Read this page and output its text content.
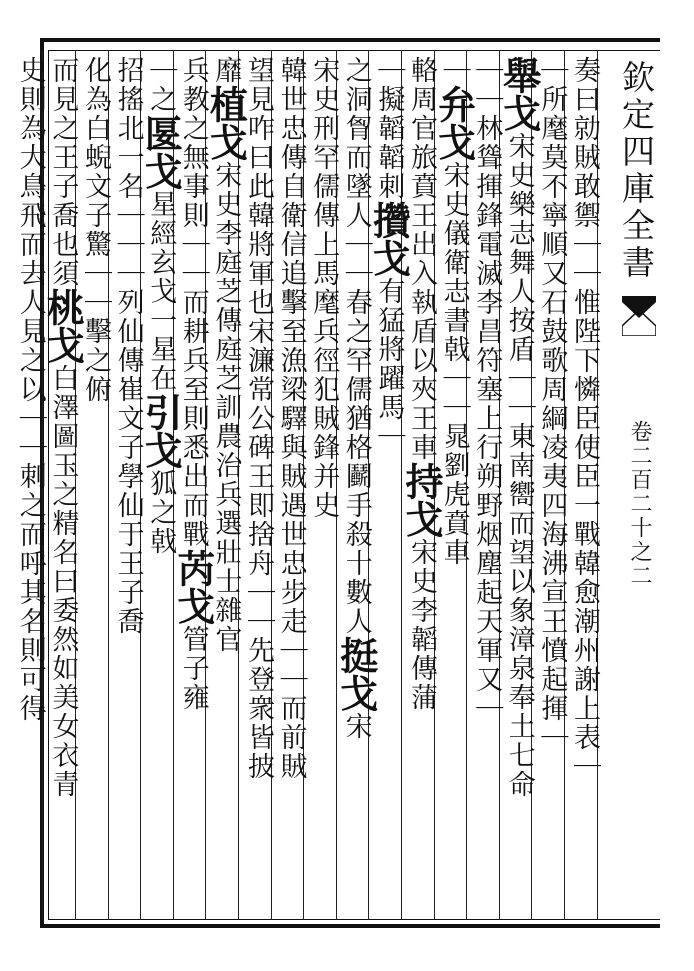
欽定四庫全書
卷二百二十之二
奏曰勍賊敢禦｜｜惟陛下憐臣使臣一戰韓愈潮州謝上表｜
｜所麾莫不寧順又石鼓歌周綱凌夷四海沸宣王憤起揮｜
舉戈宋史樂志舞人按盾｜｜東南嚮而望以象漳泉奉土七命
｜｜林聳揮鋒電滅李昌符塞上行朔野烟塵起天軍又｜
｜弁戈宋史儀衛志書戟｜｜晁劉虎賁車
輅周官旅賁王出入執盾以夾王車持戈宋史李韜傳蒲
｜擬韜韜刺攢戈有猛將躍馬｜
之洞胷而墜人｜｜春之罕儒猶格鬬手殺十數人挺戈宋
宋史刑罕儒傳上馬麾兵徑犯賊鋒并史
韓世忠傳自衛信追擊至漁梁驛與賊遇世忠步走｜｜而前賊
望見咋曰此韓將軍也宋濂常公碑王即捨舟｜｜先登衆皆披
靡植戈宋史李庭芝傳庭芝訓農治兵選壯士雜官
兵教之無事則｜｜而耕兵至則悉出而戰芮戈管子雍
｜之匽戈星經玄戈一星在引戈狐之戟
招搖北一名｜｜｜列仙傳崔文子學仙于王子喬
化為白蜺文子驚｜｜擊之俯
而見之王子喬也須桃戈白澤圖玉之精名曰委然如美女衣青
史則為大鳥飛而去人見之以｜｜刺之而呼其名則可得
